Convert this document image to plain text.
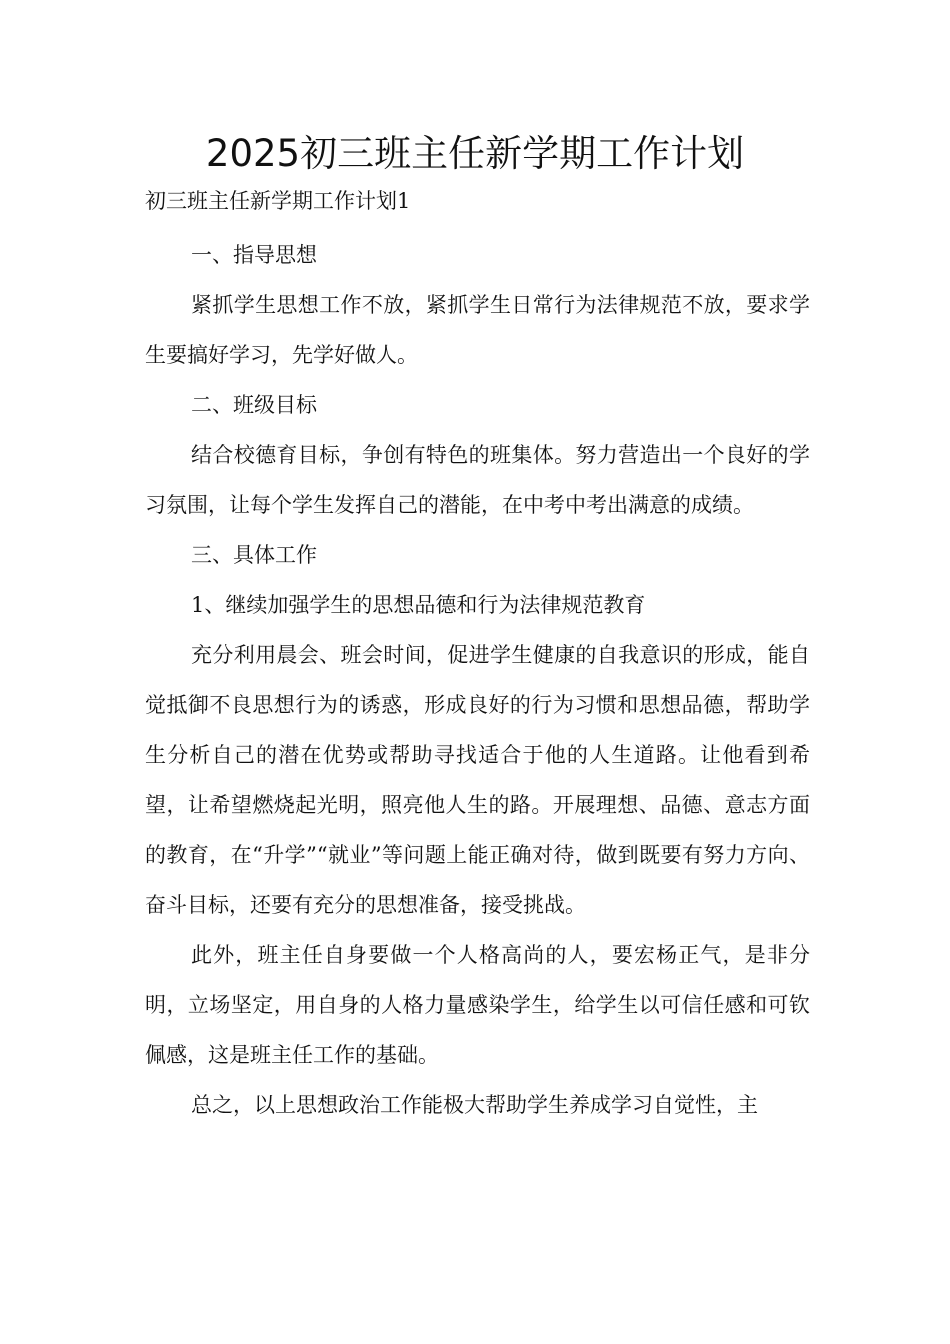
2025初三班主任新学期工作计划
初三班主任新学期工作计划1

一、指导思想

紧抓学生思想工作不放，紧抓学生日常行为法律规范不放，要求学生要搞好学习，先学好做人。

二、班级目标

结合校德育目标，争创有特色的班集体。努力营造出一个良好的学习氛围，让每个学生发挥自己的潜能，在中考中考出满意的成绩。

三、具体工作

1、继续加强学生的思想品德和行为法律规范教育

充分利用晨会、班会时间，促进学生健康的自我意识的形成，能自觉抵御不良思想行为的诱惑，形成良好的行为习惯和思想品德，帮助学生分析自己的潜在优势或帮助寻找适合于他的人生道路。让他看到希望，让希望燃烧起光明，照亮他人生的路。开展理想、品德、意志方面的教育，在“升学”“就业”等问题上能正确对待，做到既要有努力方向、奋斗目标，还要有充分的思想准备，接受挑战。

此外，班主任自身要做一个人格高尚的人，要宏杨正气，是非分明，立场坚定，用自身的人格力量感染学生，给学生以可信任感和可钦佩感，这是班主任工作的基础。

总之，以上思想政治工作能极大帮助学生养成学习自觉性，主
